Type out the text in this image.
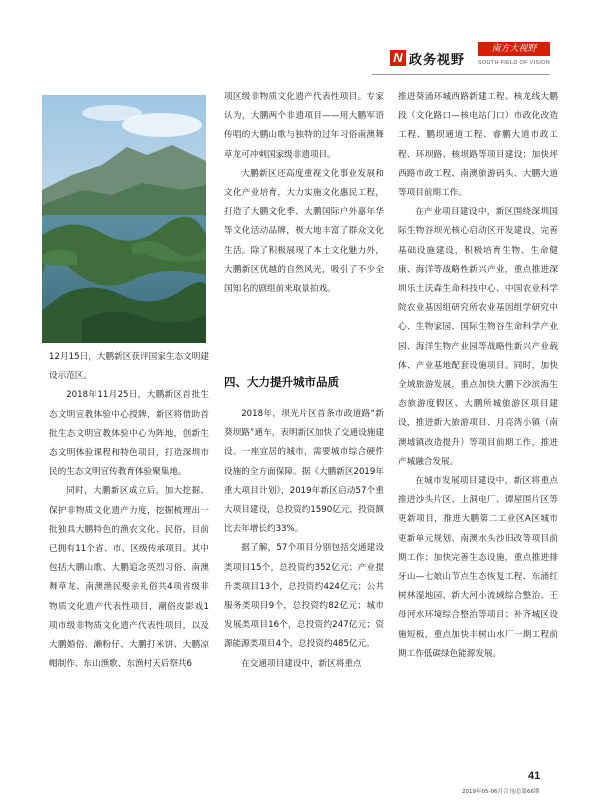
N 政务视野
南方大视野
SOUTH FIELD OF VISION

12月15日，大鹏新区获评国家生态文明建设示范区。

2018年11月25日，大鹏新区首批生态文明宣教体验中心授牌，新区将借助首批生态文明宣教体验中心为阵地，创新生态文明体验课程和特色项目，打造深圳市民的生态文明宣传教育体验聚集地。

同时，大鹏新区成立后，加大挖掘、保护非物质文化遗产力度，挖掘梳理出一批独具大鹏特色的渔农文化、民俗，目前已拥有11个省、市、区级传承项目。其中包括大鹏山歌、大鹏追念英烈习俗、南澳舞草龙、南澳渔民娶亲礼俗共4项省级非物质文化遗产代表性项目，潮俗皮影戏1项市级非物质文化遗产代表性项目，以及大鹏婚俗、濑粉仔、大鹏打米饼、大鹏凉帽制作、东山渔歌、东渔村天后祭共6

项区级非物质文化遗产代表性项目。专家认为，大鹏两个非遗项目——用大鹏军语传唱的大鹏山歌与独特的过年习俗南澳舞草龙可冲刺国家级非遗项目。

大鹏新区还高度重视文化事业发展和文化产业培育，大力实施文化惠民工程，打造了大鹏文化季、大鹏国际户外嘉年华等文化活动品牌，极大地丰富了群众文化生活。除了积极展现了本土文化魅力外，大鹏新区优越的自然风光，吸引了不少全国知名的剧组前来取景拍戏。

四、大力提升城市品质

2018年，坝光片区首条市政道路“新葵坝路”通车，表明新区加快了交通设施建设。一座宜居的城市，需要城市综合硬件设施的全方面保障。据《大鹏新区2019年重大项目计划》，2019年新区启动57个重大项目建设，总投资约1590亿元，投资额比去年增长约33%。

据了解，57个项目分别包括交通建设类项目15个，总投资约352亿元；产业提升类项目13个，总投资约424亿元；公共服务类项目9个，总投资约82亿元；城市发展类项目16个，总投资约247亿元；资源能源类项目4个，总投资约485亿元。

在交通项目建设中，新区将重点

推进葵涌环城西路新建工程、核龙线大鹏段（文化路口—核电站门口）市政化改造工程、鹏坝通道工程、睿鹏大道市政工程、环坝路、核坝路等项目建设；加快坪西路市政工程、南澳旅游码头、大鹏大道等项目前期工作。

在产业项目建设中，新区围绕深圳国际生物谷坝光核心启动区开发建设，完善基础设施建设，积极培育生物、生命健康、海洋等战略性新兴产业，重点推进深圳乐土沃森生命科技中心、中国农业科学院农业基因组研究所农业基因组学研究中心、生物家园、国际生物谷生命科学产业园、海洋生物产业园等战略性新兴产业载体、产业基地配套设施项目。同时，加快全域旅游发展，重点加快大鹏下沙滨海生态旅游度假区、大鹏所城旅游区项目建设，推进新大旅游项目、月亮湾小镇（南澳墟镇改造提升）等项目前期工作，推进产城融合发展。

在城市发展项目建设中，新区将重点推进沙头片区、上洞电厂、谭屋围片区等更新项目，推进大鹏第二工业区A区城市更新单元规划、南澳水头沙旧改等项目前期工作；加快完善生态设施，重点推进排牙山—七娘山节点生态恢复工程、东涌红树林湿地园、新大河小流域综合整治、王母河水环境综合整治等项目；补齐城区设施短板，重点加快丰树山水厂一期工程前期工作低碳绿色能源发展。

41
2019年05-06月合刊/总第66期
